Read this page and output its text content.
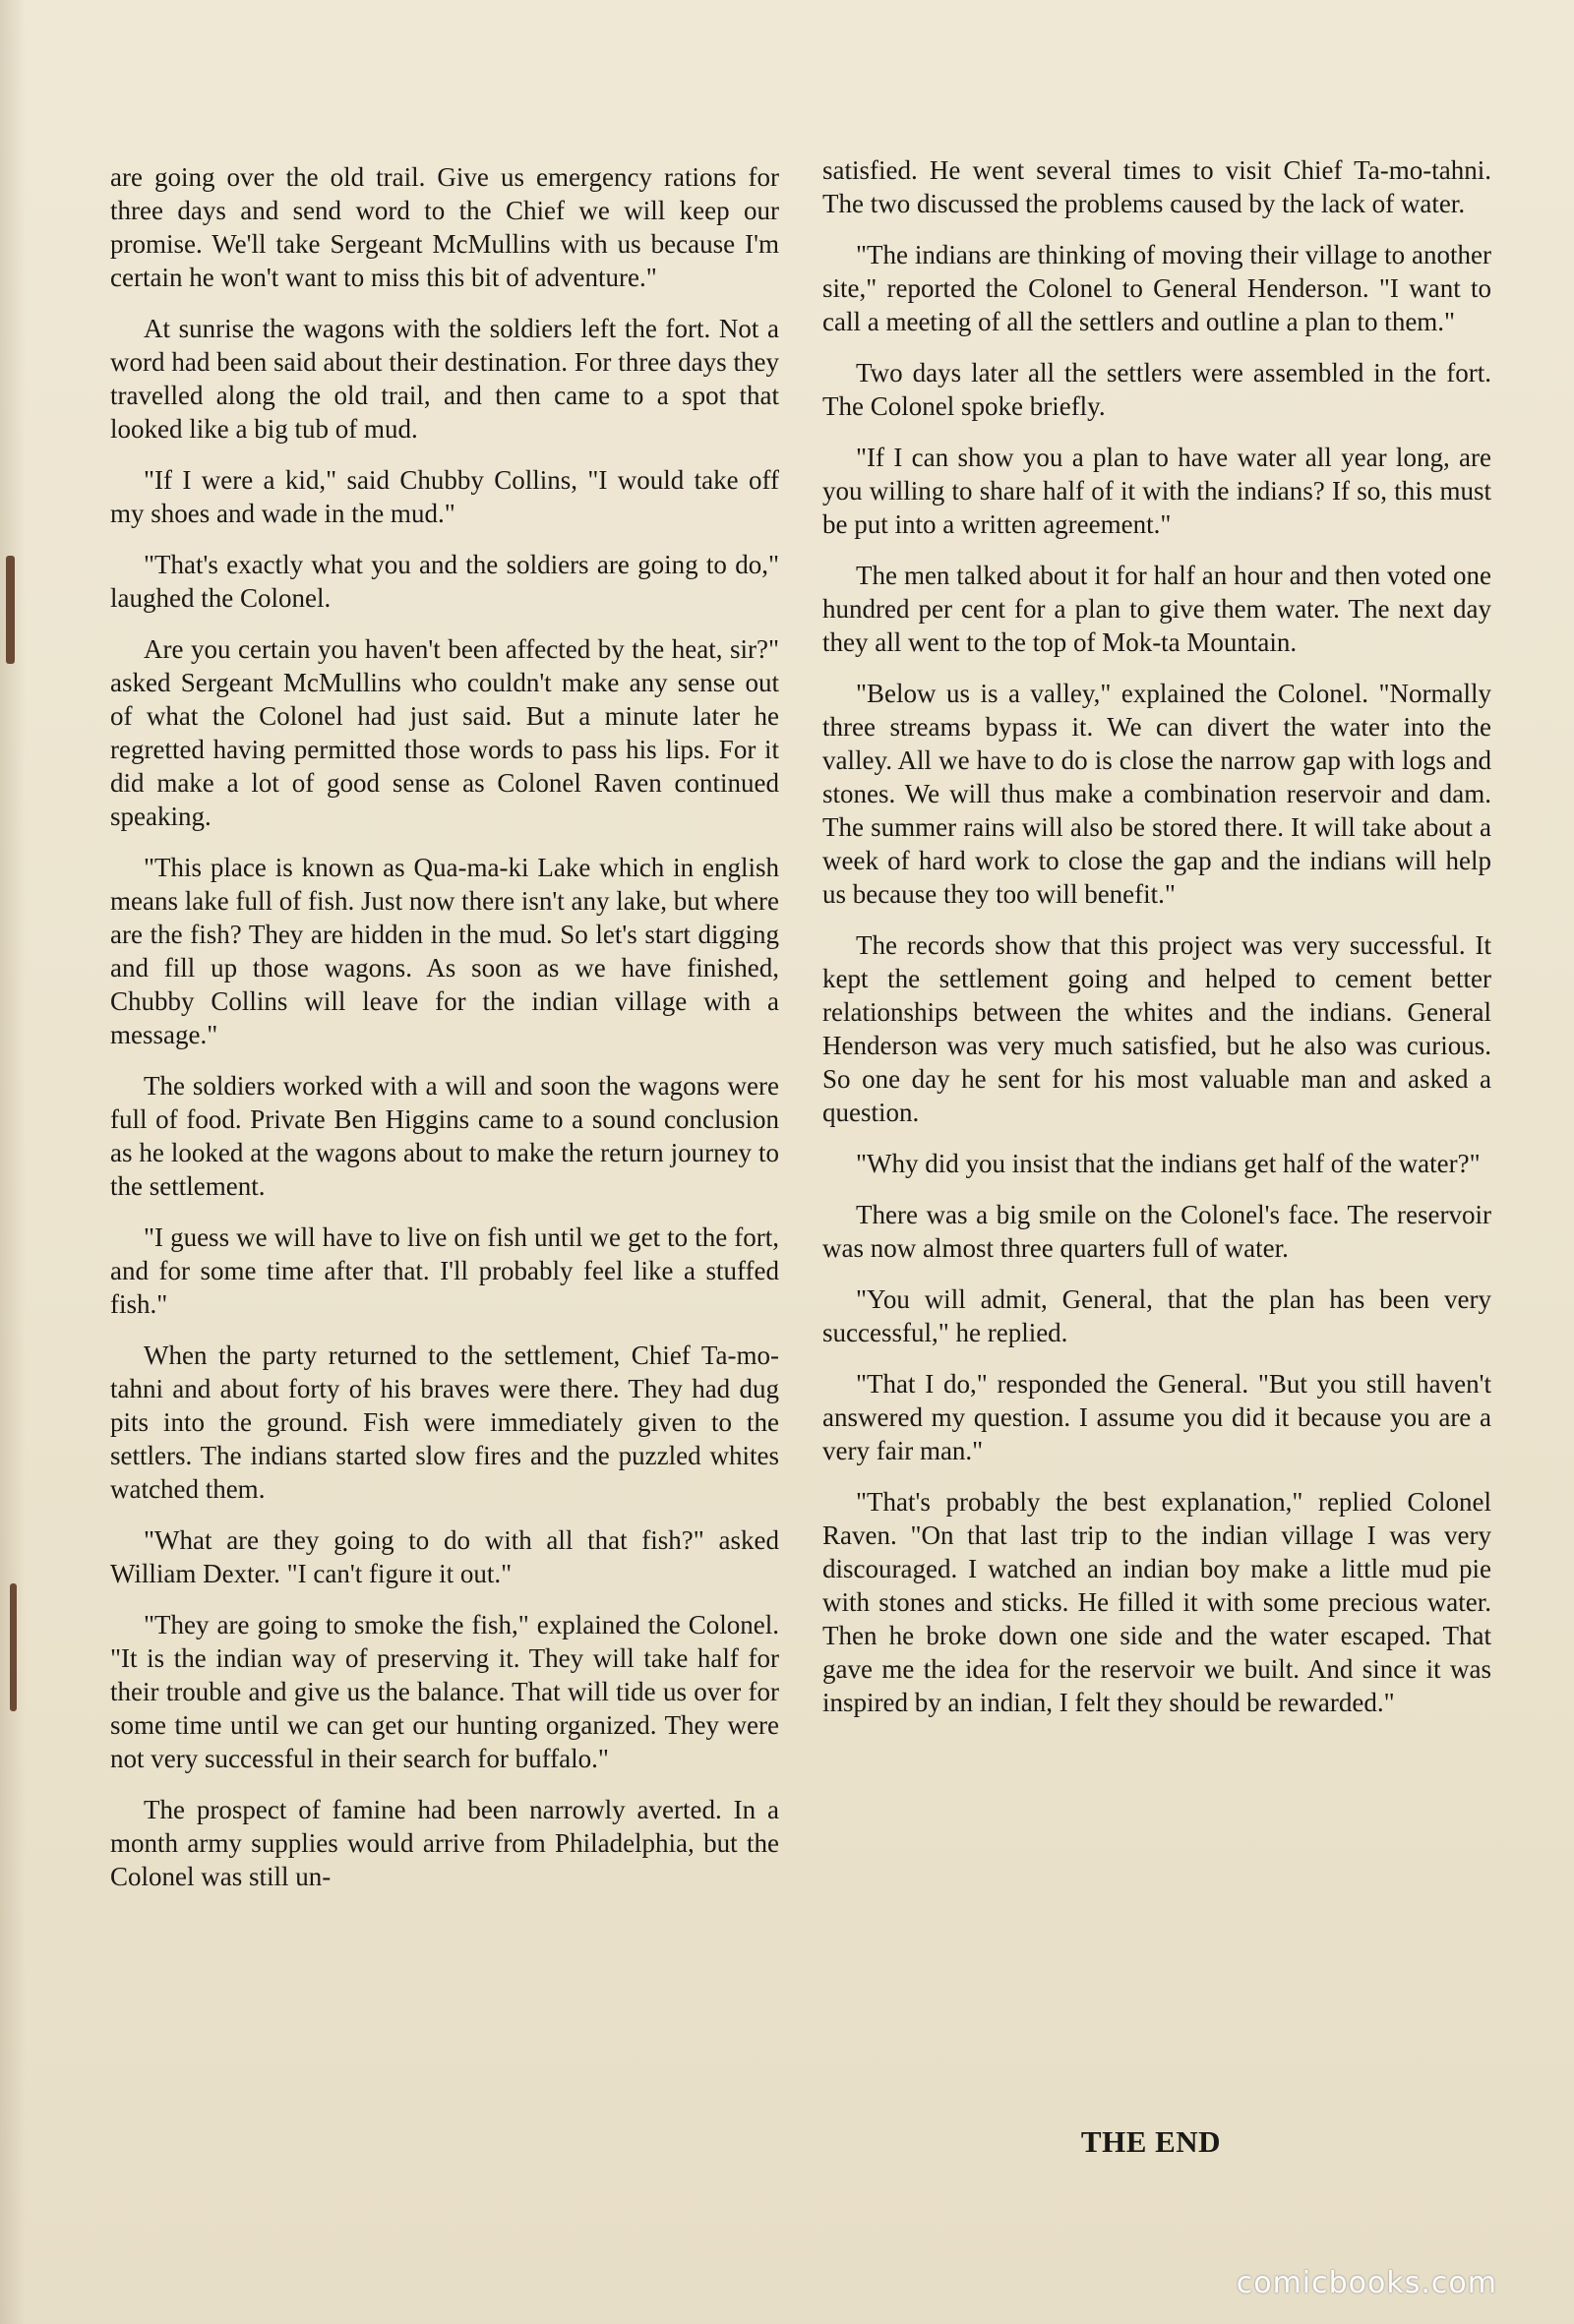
are going over the old trail. Give us emergency rations for three days and send word to the Chief we will keep our promise. We'll take Sergeant McMullins with us because I'm certain he won't want to miss this bit of adventure."

At sunrise the wagons with the soldiers left the fort. Not a word had been said about their destination. For three days they travelled along the old trail, and then came to a spot that looked like a big tub of mud.

"If I were a kid," said Chubby Collins, "I would take off my shoes and wade in the mud."

"That's exactly what you and the soldiers are going to do," laughed the Colonel.

Are you certain you haven't been affected by the heat, sir?" asked Sergeant McMullins who couldn't make any sense out of what the Colonel had just said. But a minute later he regretted having permitted those words to pass his lips. For it did make a lot of good sense as Colonel Raven continued speaking.

"This place is known as Qua-ma-ki Lake which in english means lake full of fish. Just now there isn't any lake, but where are the fish? They are hidden in the mud. So let's start digging and fill up those wagons. As soon as we have finished, Chubby Collins will leave for the indian village with a message."

The soldiers worked with a will and soon the wagons were full of food. Private Ben Higgins came to a sound conclusion as he looked at the wagons about to make the return journey to the settlement.

"I guess we will have to live on fish until we get to the fort, and for some time after that. I'll probably feel like a stuffed fish."

When the party returned to the settlement, Chief Ta-mo-tahni and about forty of his braves were there. They had dug pits into the ground. Fish were immediately given to the settlers. The indians started slow fires and the puzzled whites watched them.

"What are they going to do with all that fish?" asked William Dexter. "I can't figure it out."

"They are going to smoke the fish," explained the Colonel. "It is the indian way of preserving it. They will take half for their trouble and give us the balance. That will tide us over for some time until we can get our hunting organized. They were not very successful in their search for buffalo."

The prospect of famine had been narrowly averted. In a month army supplies would arrive from Philadelphia, but the Colonel was still un-

satisfied. He went several times to visit Chief Ta-mo-tahni. The two discussed the problems caused by the lack of water.

"The indians are thinking of moving their village to another site," reported the Colonel to General Henderson. "I want to call a meeting of all the settlers and outline a plan to them."

Two days later all the settlers were assembled in the fort. The Colonel spoke briefly.

"If I can show you a plan to have water all year long, are you willing to share half of it with the indians? If so, this must be put into a written agreement."

The men talked about it for half an hour and then voted one hundred per cent for a plan to give them water. The next day they all went to the top of Mok-ta Mountain.

"Below us is a valley," explained the Colonel. "Normally three streams bypass it. We can divert the water into the valley. All we have to do is close the narrow gap with logs and stones. We will thus make a combination reservoir and dam. The summer rains will also be stored there. It will take about a week of hard work to close the gap and the indians will help us because they too will benefit."

The records show that this project was very successful. It kept the settlement going and helped to cement better relationships between the whites and the indians. General Henderson was very much satisfied, but he also was curious. So one day he sent for his most valuable man and asked a question.

"Why did you insist that the indians get half of the water?"

There was a big smile on the Colonel's face. The reservoir was now almost three quarters full of water.

"You will admit, General, that the plan has been very successful," he replied.

"That I do," responded the General. "But you still haven't answered my question. I assume you did it because you are a very fair man."

"That's probably the best explanation," replied Colonel Raven. "On that last trip to the indian village I was very discouraged. I watched an indian boy make a little mud pie with stones and sticks. He filled it with some precious water. Then he broke down one side and the water escaped. That gave me the idea for the reservoir we built. And since it was inspired by an indian, I felt they should be rewarded."

THE END
comicbooks.com
